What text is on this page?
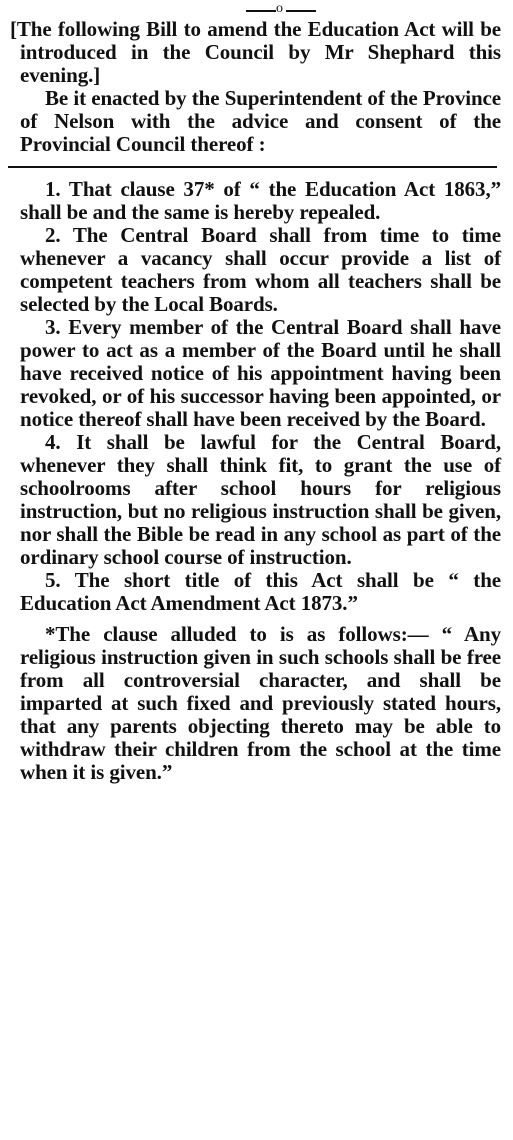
o

[The following Bill to amend the Education Act will be introduced in the Council by Mr Shephard this evening.]

Be it enacted by the Superintendent of the Province of Nelson with the advice and consent of the Provincial Council thereof :

1. That clause 37* of “ the Education Act 1863,” shall be and the same is hereby repealed.

2. The Central Board shall from time to time whenever a vacancy shall occur provide a list of competent teachers from whom all teachers shall be selected by the Local Boards.

3. Every member of the Central Board shall have power to act as a member of the Board until he shall have received notice of his appointment having been revoked, or of his successor having been appointed, or notice thereof shall have been received by the Board.

4. It shall be lawful for the Central Board, whenever they shall think fit, to grant the use of schoolrooms after school hours for religious instruction, but no religious instruction shall be given, nor shall the Bible be read in any school as part of the ordinary school course of instruction.

5. The short title of this Act shall be “ the Education Act Amendment Act 1873.”

*The clause alluded to is as follows:— “ Any religious instruction given in such schools shall be free from all controversial character, and shall be imparted at such fixed and previously stated hours, that any parents objecting thereto may be able to withdraw their children from the school at the time when it is given.”
